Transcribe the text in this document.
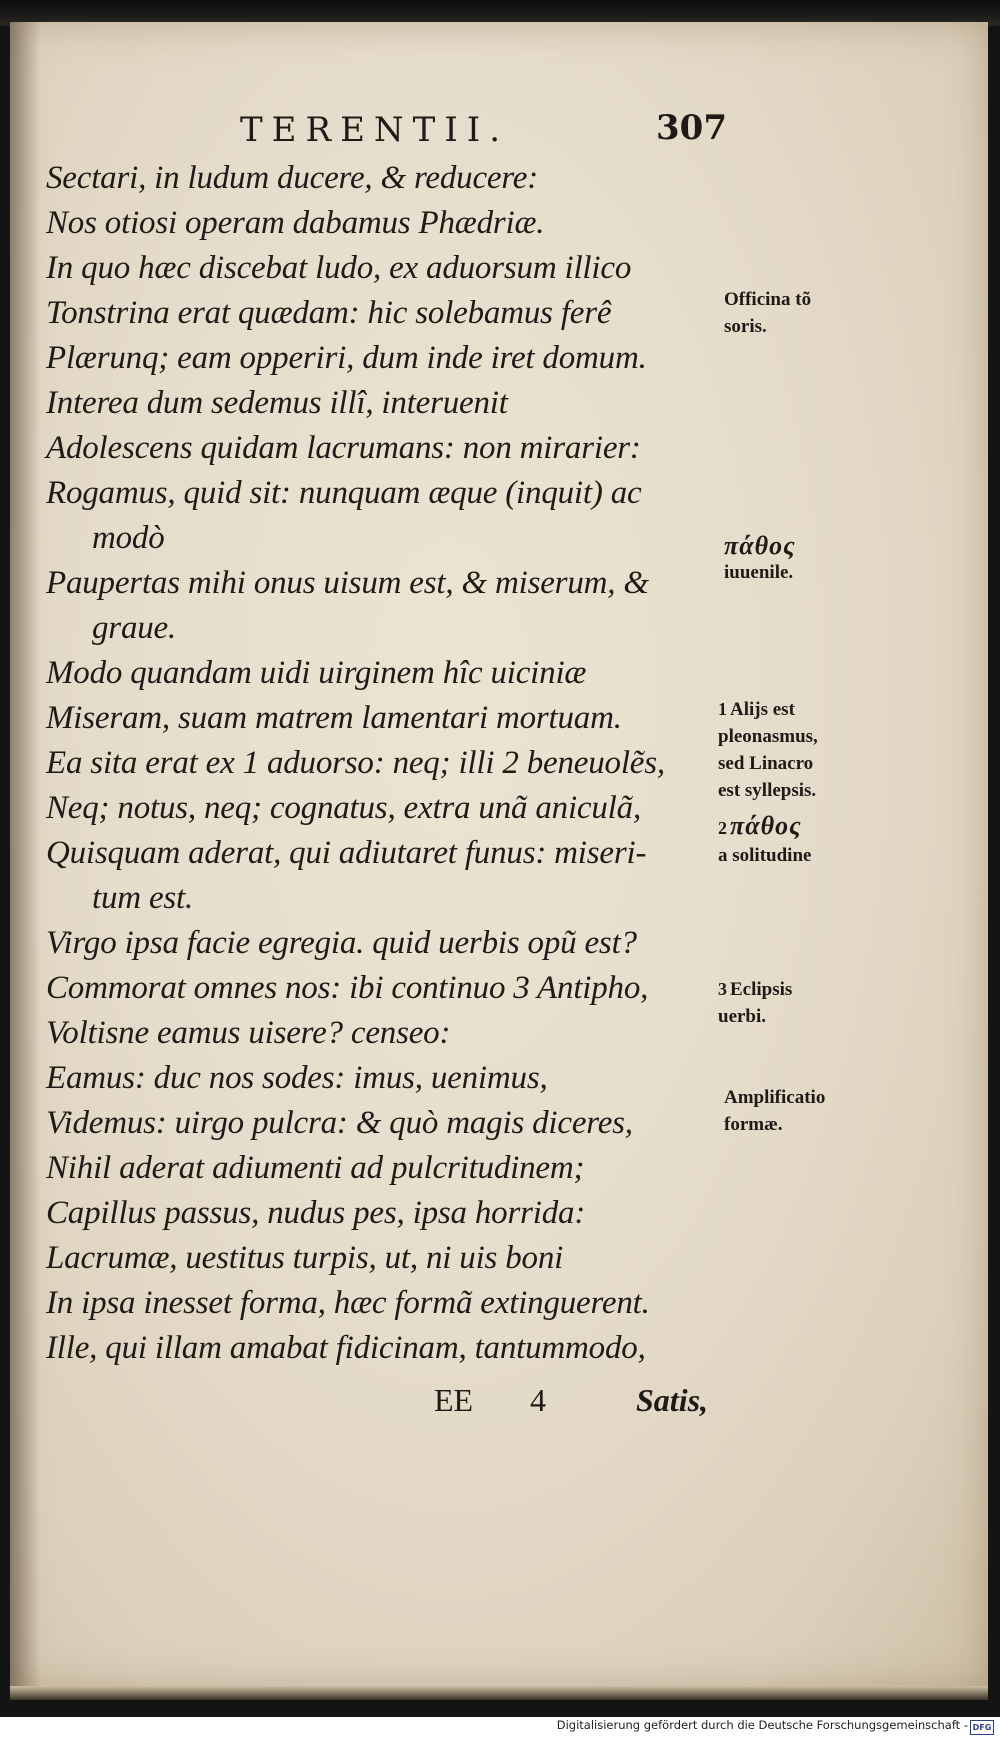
TERENTII.	307
Sectari, in ludum ducere, & reducere:
Nos otiosi operam dabamus Phædriæ.
In quo hæc discebat ludo, ex aduorsum illico
Tonstrina erat quædam: hic solebamus ferê
Plærunq; eam opperiri, dum inde iret domum.
Interea dum sedemus illî, interuenit
Adolescens quidam lacrumans: non mirarier:
Rogamus, quid sit: nunquam æque (inquit) ac
modò
Paupertas mihi onus uisum est, & miserum, &
graue.
Modo quandam uidi uirginem hîc uiciniæ
Miseram, suam matrem lamentari mortuam.
Ea sita erat ex 1 aduorso: neq; illi 2 beneuolẽs,
Neq; notus, neq; cognatus, extra unã aniculã,
Quisquam aderat, qui adiutaret funus: miseri-
tum est.
Virgo ipsa facie egregia. quid uerbis opũ est?
Commorat omnes nos: ibi continuo 3 Antipho,
Voltisne eamus uisere? censeo:
Eamus: duc nos sodes: imus, uenimus,
Videmus: uirgo pulcra: & quò magis diceres,
Nihil aderat adiumenti ad pulcritudinem;
Capillus passus, nudus pes, ipsa horrida:
Lacrumæ, uestitus turpis, ut, ni uis boni
In ipsa inesset forma, hæc formã extinguerent.
Ille, qui illam amabat fidicinam, tantummodo,
EE 4	Satis,
Officina tõ
soris.
πάθος
iuuenile.
1 Alijs est
pleonasmus,
sed Linacro
est syllepsis.
2 πάθος
a solitudine
3 Eclipsis
uerbi.
Amplificatio
formæ.
Digitalisierung gefördert durch die Deutsche Forschungsgemeinschaft - DFG
